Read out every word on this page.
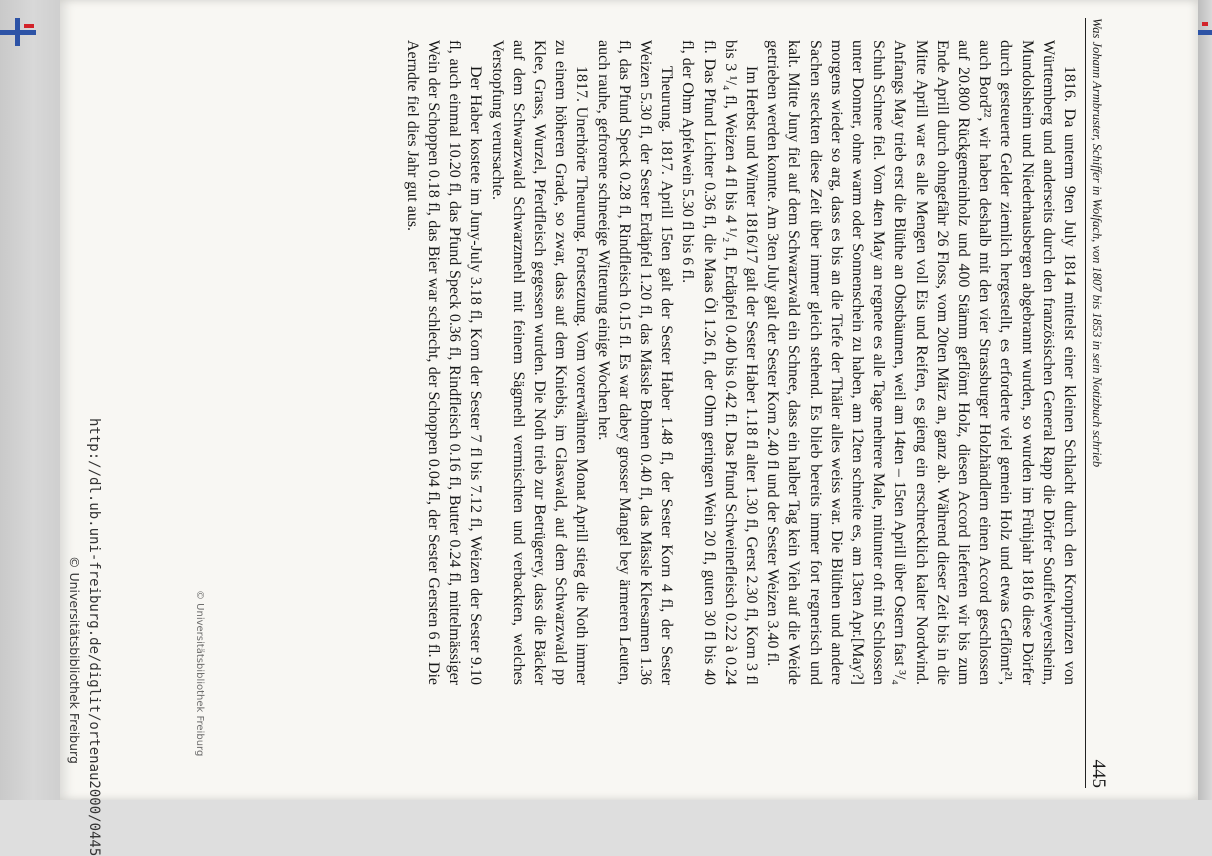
Was Johann Armbruster, Schiffer in Wolfach, von 1807 bis 1853 in sein Notizbuch schrieb
445

1816. Da unterm 9ten July 1814 mittelst einer kleinen Schlacht durch den Kronprinzen von Württemberg und anderseits durch den französischen General Rapp die Dörfer Souffelweyersheim, Mundolsheim und Niederhausbergen abgebrannt wurden, so wurden im Frühjahr 1816 diese Dörfer durch gesteuerte Gelder ziemlich hergestellt, es erforderte viel gemein Holz und etwas Geflömt²¹, auch Bord²², wir haben deshalb mit den vier Strassburger Holzhändlern einen Accord geschlossen auf 20.800 Rückgemeinholz und 400 Stämm geflömt Holz, diesen Accord lieferten wir bis zum Ende Aprill durch ohngefähr 26 Floss, vom 20ten März an, ganz ab. Während dieser Zeit bis in die Mitte Aprill war es alle Mengen voll Eis und Reifen, es gieng ein erschrecklich kalter Nordwind. Anfangs May trieb erst die Blüthe an Obstbäumen, weil am 14ten – 15ten Aprill über Ostern fast ³/₄ Schuh Schnee fiel. Vom 4ten May an regnete es alle Tage mehrere Male, mitunter oft mit Schlossen unter Donner, ohne warm oder Sonnenschein zu haben, am 12ten schneite es, am 13ten Apr.[May?] morgens wieder so arg, dass es bis an die Tiefe der Thäler alles weiss war. Die Blüthen und andere Sachen steckten diese Zeit über immer gleich stehend. Es blieb bereits immer fort regnerisch und kalt. Mitte Juny fiel auf dem Schwarzwald ein Schnee, dass ein halber Tag kein Vieh auf die Weide getrieben werden konnte. Am 3ten July galt der Sester Korn 2.40 fl und der Sester Weizen 3.40 fl.

Im Herbst und Winter 1816/17 galt der Sester Haber 1.18 fl alter 1.30 fl, Gerst 2.30 fl, Korn 3 fl bis 3 ¹/₄ fl, Weizen 4 fl bis 4 ¹/₂ fl, Erdäpfel 0.40 bis 0.42 fl. Das Pfund Schweinefleisch 0.22 à 0.24 fl. Das Pfund Lichter 0.36 fl, die Maas Öl 1.26 fl, der Ohm geringen Wein 20 fl, guten 30 fl bis 40 fl, der Ohm Apfelwein 5.30 fl bis 6 fl.

Theurung. 1817. Aprill 15ten galt der Sester Haber 1.48 fl, der Sester Korn 4 fl, der Sester Weizen 5.30 fl, der Sester Erdäpfel 1.20 fl, das Mässle Bohnen 0.40 fl, das Mässle Kleesamen 1.36 fl, das Pfund Speck 0.28 fl, Rindfleisch 0.15 fl. Es war dabey grosser Mangel bey ärmeren Leuten, auch rauhe, gefrorene schneeige Witterung einige Wochen her.

1817. Unerhörte Theurung. Fortsetzung. Vom vorerwähnten Monat Aprill stieg die Noth immer zu einem höheren Grade, so zwar, dass auf dem Kniebis, im Glaswald, auf dem Schwarzwald pp Klee, Grass, Wurzel, Pferdfleisch gegessen wurden. Die Noth trieb zur Betrügerey, dass die Bäcker auf dem Schwarzwald Schwarzmehl mit feinem Sägmehl vermischten und verbackten, welches Verstopfung verursachte.

Der Haber kostete im Juny-July 3.18 fl, Korn der Sester 7 fl bis 7.12 fl, Weizen der Sester 9.10 fl, auch einmal 10.20 fl, das Pfund Speck 0.36 fl, Rindfleisch 0.16 fl, Butter 0.24 fl, mittelmässiger Wein der Schoppen 0.18 fl, das Bier war schlecht, der Schoppen 0.04 fl, der Sester Gersten 6 fl. Die Aerndte fiel dies Jahr gut aus.

© Universitätsbibliothek Freiburg
http://dl.ub.uni-freiburg.de/diglit/ortenau2000/0445
© Universitätsbibliothek Freiburg
